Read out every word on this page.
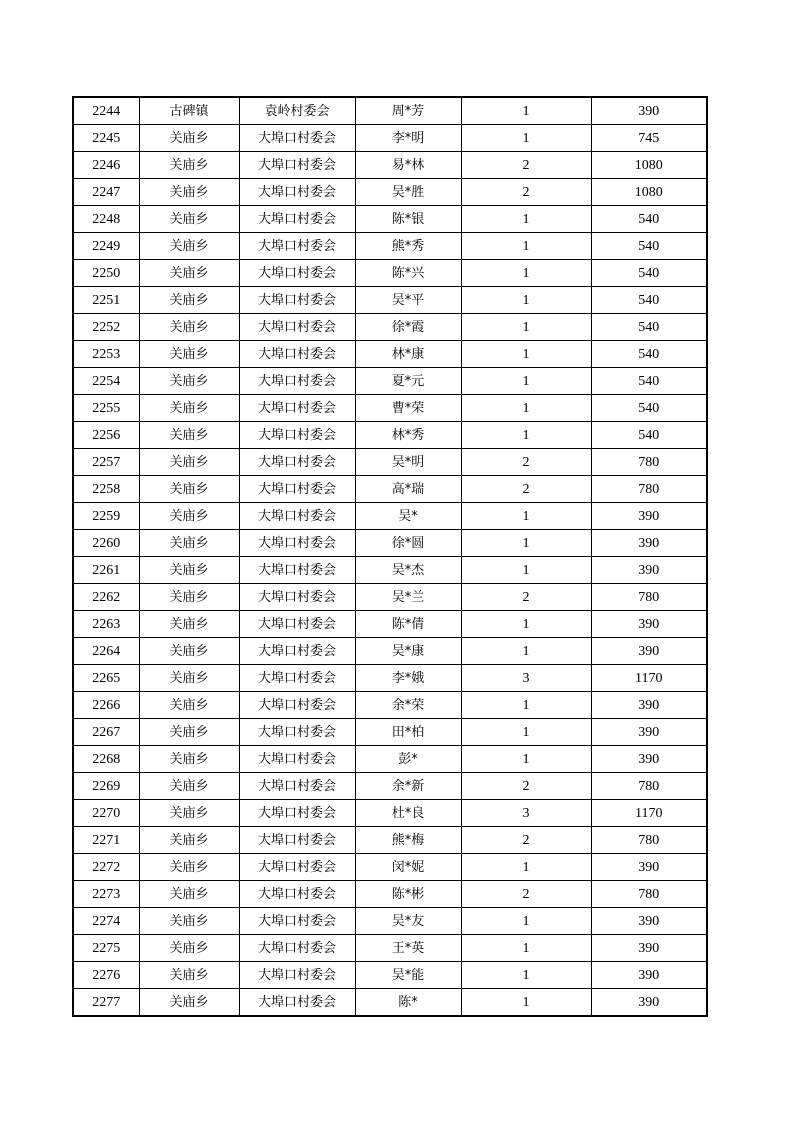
2244	古碑镇	袁岭村委会	周*芳	1	390
2245	关庙乡	大埠口村委会	李*明	1	745
2246	关庙乡	大埠口村委会	易*林	2	1080
2247	关庙乡	大埠口村委会	吴*胜	2	1080
2248	关庙乡	大埠口村委会	陈*银	1	540
2249	关庙乡	大埠口村委会	熊*秀	1	540
2250	关庙乡	大埠口村委会	陈*兴	1	540
2251	关庙乡	大埠口村委会	吴*平	1	540
2252	关庙乡	大埠口村委会	徐*霞	1	540
2253	关庙乡	大埠口村委会	林*康	1	540
2254	关庙乡	大埠口村委会	夏*元	1	540
2255	关庙乡	大埠口村委会	曹*荣	1	540
2256	关庙乡	大埠口村委会	林*秀	1	540
2257	关庙乡	大埠口村委会	吴*明	2	780
2258	关庙乡	大埠口村委会	高*瑞	2	780
2259	关庙乡	大埠口村委会	吴*	1	390
2260	关庙乡	大埠口村委会	徐*圆	1	390
2261	关庙乡	大埠口村委会	吴*杰	1	390
2262	关庙乡	大埠口村委会	吴*兰	2	780
2263	关庙乡	大埠口村委会	陈*倩	1	390
2264	关庙乡	大埠口村委会	吴*康	1	390
2265	关庙乡	大埠口村委会	李*娥	3	1170
2266	关庙乡	大埠口村委会	余*荣	1	390
2267	关庙乡	大埠口村委会	田*柏	1	390
2268	关庙乡	大埠口村委会	彭*	1	390
2269	关庙乡	大埠口村委会	余*新	2	780
2270	关庙乡	大埠口村委会	杜*良	3	1170
2271	关庙乡	大埠口村委会	熊*梅	2	780
2272	关庙乡	大埠口村委会	闵*妮	1	390
2273	关庙乡	大埠口村委会	陈*彬	2	780
2274	关庙乡	大埠口村委会	吴*友	1	390
2275	关庙乡	大埠口村委会	王*英	1	390
2276	关庙乡	大埠口村委会	吴*能	1	390
2277	关庙乡	大埠口村委会	陈*	1	390
